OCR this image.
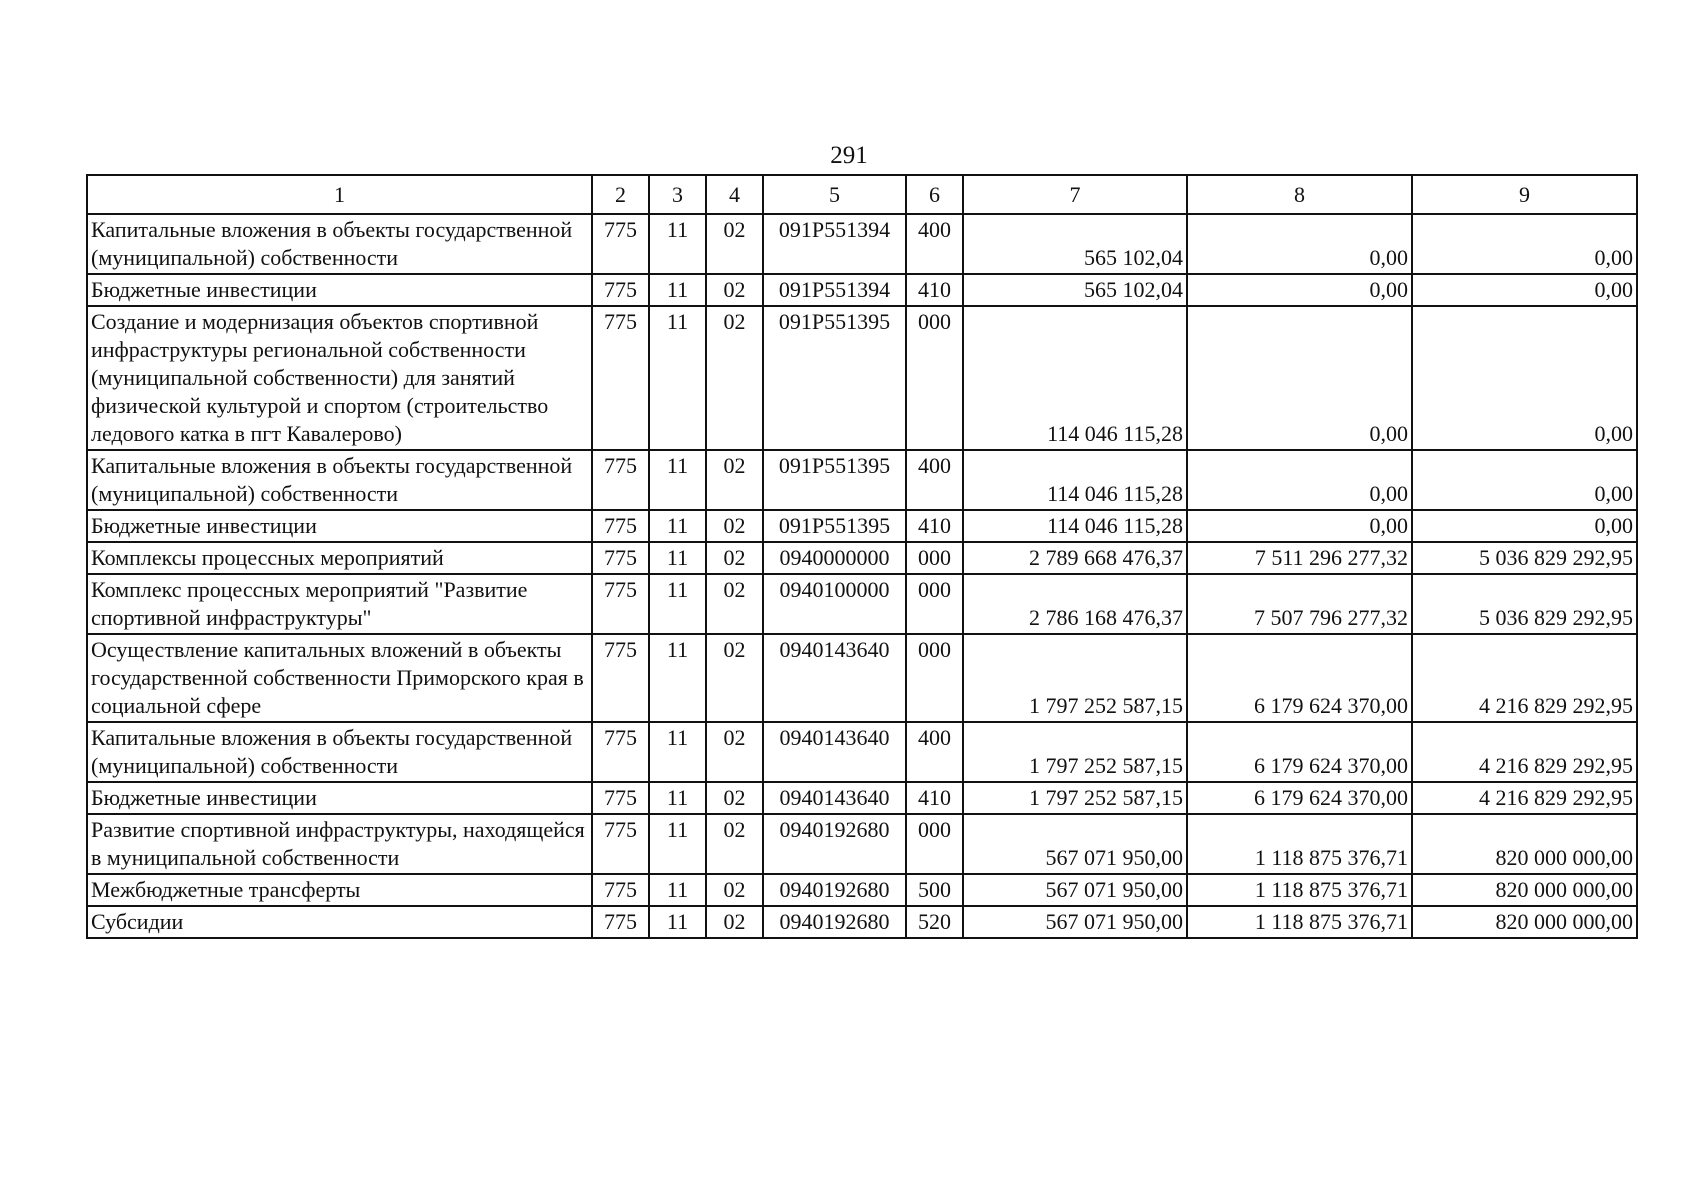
291
1	2	3	4	5	6	7	8	9
Капитальные вложения в объекты государственной (муниципальной) собственности	775	11	02	091P551394	400	565 102,04	0,00	0,00
Бюджетные инвестиции	775	11	02	091P551394	410	565 102,04	0,00	0,00
Создание и модернизация объектов спортивной инфраструктуры региональной собственности (муниципальной собственности) для занятий физической культурой и спортом (строительство ледового катка в пгт Кавалерово)	775	11	02	091P551395	000	114 046 115,28	0,00	0,00
Капитальные вложения в объекты государственной (муниципальной) собственности	775	11	02	091P551395	400	114 046 115,28	0,00	0,00
Бюджетные инвестиции	775	11	02	091P551395	410	114 046 115,28	0,00	0,00
Комплексы процессных мероприятий	775	11	02	0940000000	000	2 789 668 476,37	7 511 296 277,32	5 036 829 292,95
Комплекс процессных мероприятий "Развитие спортивной инфраструктуры"	775	11	02	0940100000	000	2 786 168 476,37	7 507 796 277,32	5 036 829 292,95
Осуществление капитальных вложений в объекты государственной собственности Приморского края в социальной сфере	775	11	02	0940143640	000	1 797 252 587,15	6 179 624 370,00	4 216 829 292,95
Капитальные вложения в объекты государственной (муниципальной) собственности	775	11	02	0940143640	400	1 797 252 587,15	6 179 624 370,00	4 216 829 292,95
Бюджетные инвестиции	775	11	02	0940143640	410	1 797 252 587,15	6 179 624 370,00	4 216 829 292,95
Развитие спортивной инфраструктуры, находящейся в муниципальной собственности	775	11	02	0940192680	000	567 071 950,00	1 118 875 376,71	820 000 000,00
Межбюджетные трансферты	775	11	02	0940192680	500	567 071 950,00	1 118 875 376,71	820 000 000,00
Субсидии	775	11	02	0940192680	520	567 071 950,00	1 118 875 376,71	820 000 000,00
